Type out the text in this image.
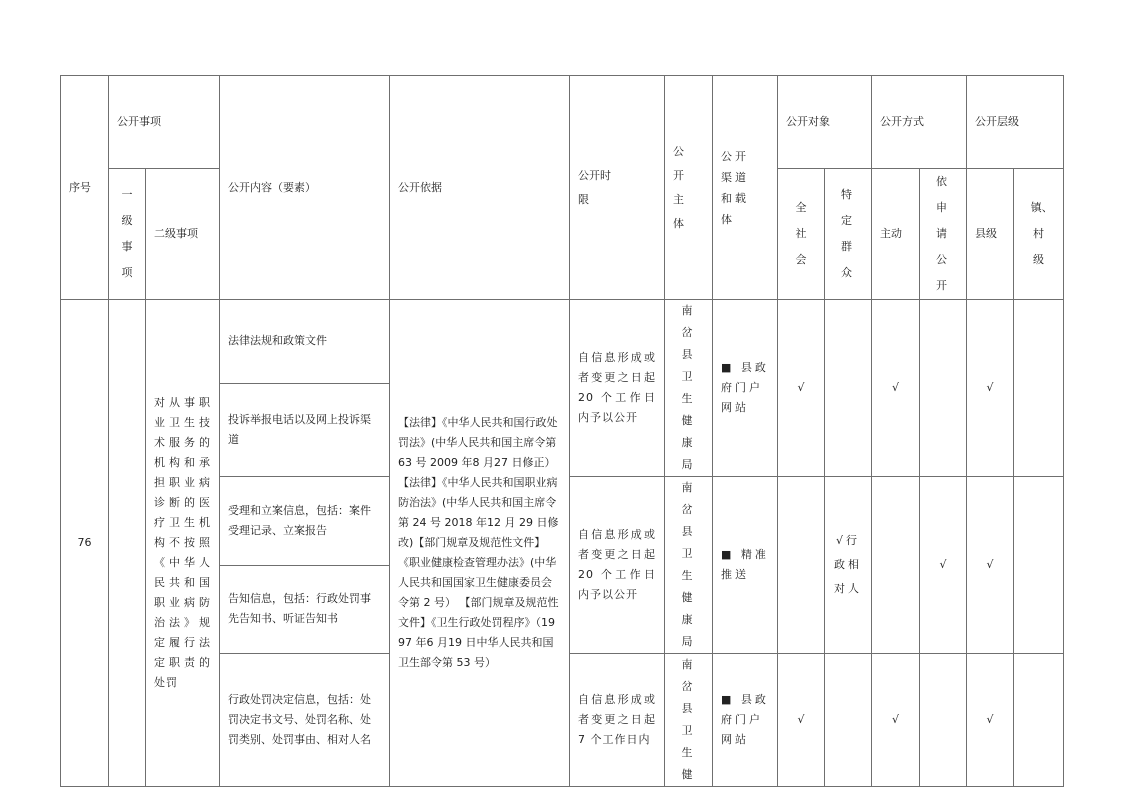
序号	公开事项		公开内容（要素）	公开依据	公开时限	公开主体	公开渠道和载体	公开对象		公开方式		公开层级	

	一级事项	二级事项						全社会	特定群众	主动	依申请公开	县级	镇、村级

76		对从事职业卫生技术服务的机构和承担职业病诊断的医疗卫生机构不按照《中华人民共和国职业病防治法》规定履行法定职责的处罚	法律法规和政策文件	【法律】《中华人民共和国行政处罚法》(中华人民共和国主席令第 63 号 2009 年8 月27 日修正） 【法律】《中华人民共和国职业病防治法》(中华人民共和国主席令第 24 号 2018 年12 月 29 日修改)【部门规章及规范性文件】《职业健康检查管理办法》(中华人民共和国国家卫生健康委员会令第 2 号） 【部门规章及规范性文件】《卫生行政处罚程序》（1997 年6 月19 日中华人民共和国卫生部令第 53 号）	自信息形成或者变更之日起 20 个工作日内予以公开	南岔县卫生健康局	■ 县政府门户网站	√		√		√	
			投诉举报电话以及网上投诉渠道										
			受理和立案信息，包括：案件受理记录、立案报告		自信息形成或者变更之日起 20 个工作日内予以公开	南岔县卫生健康局	■ 精准推送		√行政相对人		√	√	
			告知信息，包括：行政处罚事先告知书、听证告知书										
			行政处罚决定信息，包括：处罚决定书文号、处罚名称、处罚类别、处罚事由、相对人名		自信息形成或者变更之日起 7 个工作日内	南岔县卫生健	■ 县政府门户网站	√		√		√	
